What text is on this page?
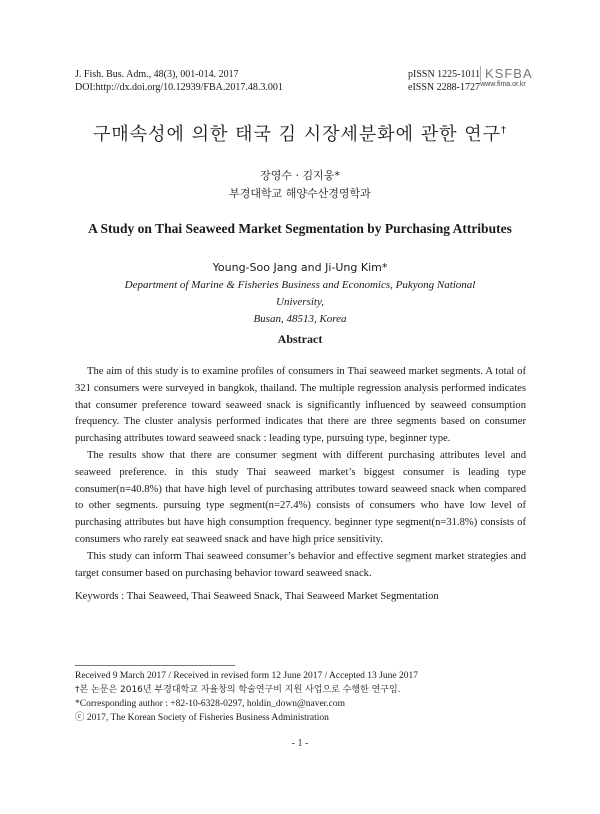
J. Fish. Bus. Adm., 48(3), 001-014. 2017
DOI:http://dx.doi.org/10.12939/FBA.2017.48.3.001
pISSN 1225-1011
eISSN 2288-1727
KSFBA
www.fima.or.kr
구매속성에 의한 태국 김 시장세분화에 관한 연구†
장영수 · 김지웅*
부경대학교 해양수산경영학과
A Study on Thai Seaweed Market Segmentation by Purchasing Attributes
Young-Soo Jang and Ji-Ung Kim*
Department of Marine & Fisheries Business and Economics, Pukyong National University,
Busan, 48513, Korea
Abstract

The aim of this study is to examine profiles of consumers in Thai seaweed market segments. A total of 321 consumers were surveyed in bangkok, thailand. The multiple regression analysis performed indicates that consumer preference toward seaweed snack is significantly influenced by seaweed consumption frequency. The cluster analysis performed indicates that there are three segments based on consumer purchasing attributes toward seaweed snack : leading type, pursuing type, beginner type.

The results show that there are consumer segment with different purchasing attributes level and seaweed preference. in this study Thai seaweed market’s biggest consumer is leading type consumer(n=40.8%) that have high level of purchasing attributes toward seaweed snack when compared to other segments. pursuing type segment(n=27.4%) consists of consumers who have low level of purchasing attributes but have high consumption frequency. beginner type segment(n=31.8%) consists of consumers who rarely eat seaweed snack and have high price sensitivity.

This study can inform Thai seaweed consumer’s behavior and effective segment market strategies and target consumer based on purchasing behavior toward seaweed snack.

Keywords : Thai Seaweed, Thai Seaweed Snack, Thai Seaweed Market Segmentation
Received 9 March 2017 / Received in revised form 12 June 2017 / Accepted 13 June 2017
†본 논문은 2016년 부경대학교 자율창의 학술연구비 지원 사업으로 수행한 연구임.
*Corresponding author : +82-10-6328-0297, holdin_down@naver.com
ⓒ 2017, The Korean Society of Fisheries Business Administration
- 1 -
